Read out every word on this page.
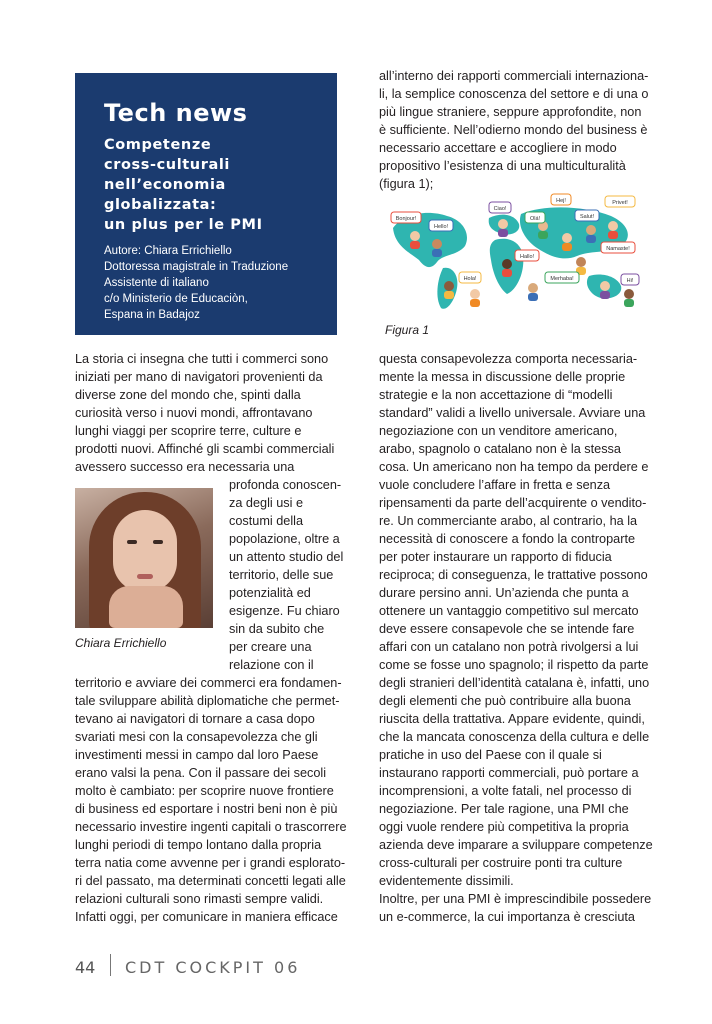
Tech news
Competenze
cross-culturali
nell’economia
globalizzata:
un plus per le PMI
Autore: Chiara Errichiello
Dottoressa magistrale in Traduzione
Assistente di italiano
c/o Ministerio de Educaciòn,
Espana in Badajoz
La storia ci insegna che tutti i commerci sono
iniziati per mano di navigatori provenienti da
diverse zone del mondo che, spinti dalla
curiosità verso i nuovi mondi, affrontavano
lunghi viaggi per scoprire terre, culture e
prodotti nuovi. Affinché gli scambi commerciali
avessero successo era necessaria una
profonda conoscen-
za degli usi e
costumi della
popolazione, oltre a
un attento studio del
territorio, delle sue
potenzialità ed
esigenze. Fu chiaro
sin da subito che
per creare una
relazione con il
territorio e avviare dei commerci era fondamen-
tale sviluppare abilità diplomatiche che permet-
tevano ai navigatori di tornare a casa dopo
svariati mesi con la consapevolezza che gli
investimenti messi in campo dal loro Paese
erano valsi la pena. Con il passare dei secoli
molto è cambiato: per scoprire nuove frontiere
di business ed esportare i nostri beni non è più
necessario investire ingenti capitali o trascorrere
lunghi periodi di tempo lontano dalla propria
terra natia come avvenne per i grandi esplorato-
ri del passato, ma determinati concetti legati alle
relazioni culturali sono rimasti sempre validi.
Infatti oggi, per comunicare in maniera efficace
Chiara Errichiello
all’interno dei rapporti commerciali internaziona-
li, la semplice conoscenza del settore e di una o
più lingue straniere, seppure approfondite, non
è sufficiente. Nell’odierno mondo del business è
necessario accettare e accogliere in modo
propositivo l’esistenza di una multiculturalità
(figura 1);
Bonjour!
Hello!
Hola!
Ciao!
Hallo!
Olá!
Hej!
Salut!
Namaste!
Privet!
Hi!
Merhaba!
Figura 1
questa consapevolezza comporta necessaria-
mente la messa in discussione delle proprie
strategie e la non accettazione di “modelli
standard” validi a livello universale. Avviare una
negoziazione con un venditore americano,
arabo, spagnolo o catalano non è la stessa
cosa. Un americano non ha tempo da perdere e
vuole concludere l’affare in fretta e senza
ripensamenti da parte dell’acquirente o vendito-
re. Un commerciante arabo, al contrario, ha la
necessità di conoscere a fondo la controparte
per poter instaurare un rapporto di fiducia
reciproca; di conseguenza, le trattative possono
durare persino anni. Un’azienda che punta a
ottenere un vantaggio competitivo sul mercato
deve essere consapevole che se intende fare
affari con un catalano non potrà rivolgersi a lui
come se fosse uno spagnolo; il rispetto da parte
degli stranieri dell’identità catalana è, infatti, uno
degli elementi che può contribuire alla buona
riuscita della trattativa. Appare evidente, quindi,
che la mancata conoscenza della cultura e delle
pratiche in uso del Paese con il quale si
instaurano rapporti commerciali, può portare a
incomprensioni, a volte fatali, nel processo di
negoziazione. Per tale ragione, una PMI che
oggi vuole rendere più competitiva la propria
azienda deve imparare a sviluppare competenze
cross-culturali per costruire ponti tra culture
evidentemente dissimili.
Inoltre, per una PMI è imprescindibile possedere
un e-commerce, la cui importanza è cresciuta
44 CDT COCKPIT 06
